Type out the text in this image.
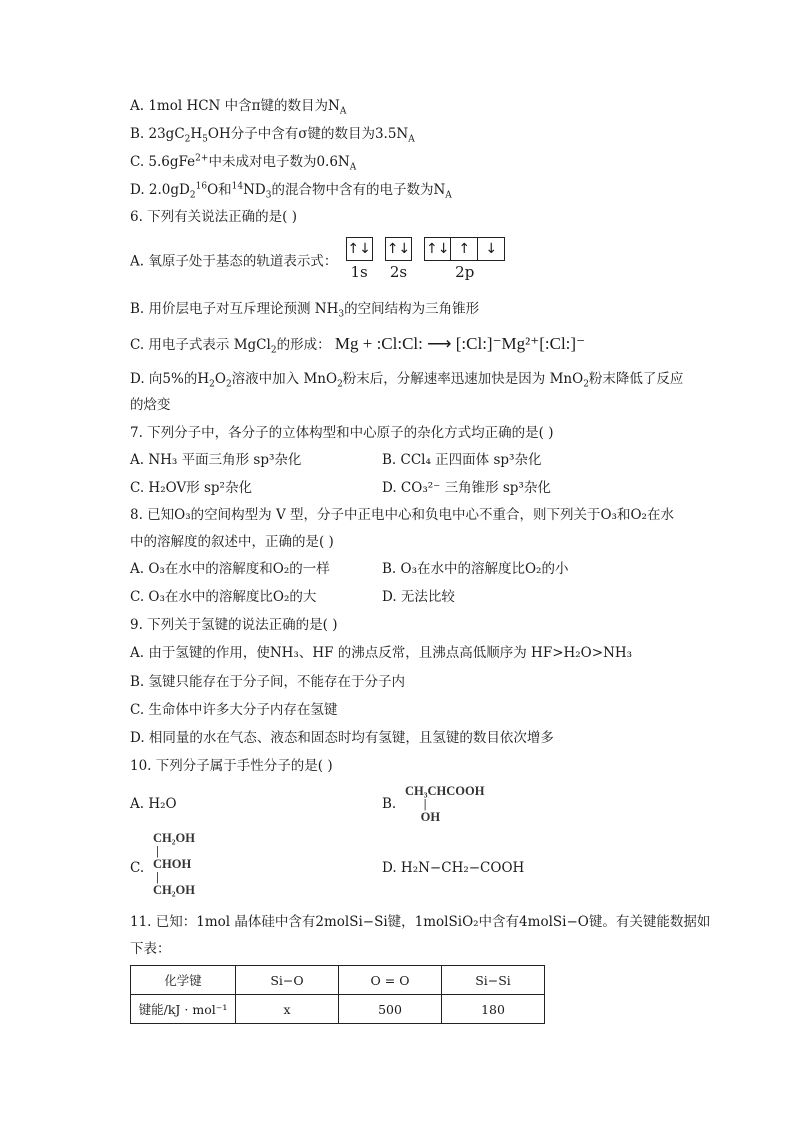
A. 1mol HCN 中含π键的数目为$N_A$
B. $23gC_2H_5OH$分子中含有σ键的数目为$3.5N_A$
C. 5.6gFe$^{2+}$中未成对电子数为$0.6N_A$
D. $2.0gD_2^{16}O$和$^{14}ND_3$的混合物中含有的电子数为$N_A$
6. 下列有关说法正确的是( )
A. 氧原子处于基态的轨道表示式：
↑↓
1s

↑↓
2s

↑↓ ↑	↓
2p
B. 用价层电子对互斥理论预测 $NH_3$的空间结构为三角锥形
C. 用电子式表示 MgCl$_2$的形成： Mg + :Cl:Cl: ⟶ [:Cl:]⁻Mg²⁺[:Cl:]⁻
D. 向5%的$H_2O_2$溶液中加入 MnO$_2$粉末后，分解速率迅速加快是因为 MnO$_2$粉末降低了反应
的焓变
7. 下列分子中，各分子的立体构型和中心原子的杂化方式均正确的是( )
A. NH₃ 平面三角形 sp³杂化	B. CCl₄ 正四面体 sp³杂化
C. H₂OV形 sp²杂化	D. CO₃²⁻ 三角锥形 sp³杂化
8. 已知O₃的空间构型为 V 型，分子中正电中心和负电中心不重合，则下列关于O₃和O₂在水
中的溶解度的叙述中，正确的是( )
A. O₃在水中的溶解度和O₂的一样	B. O₃在水中的溶解度比O₂的小
C. O₃在水中的溶解度比O₂的大	D. 无法比较
9. 下列关于氢键的说法正确的是( )
A. 由于氢键的作用，使NH₃、HF 的沸点反常，且沸点高低顺序为 HF>H₂O>NH₃
B. 氢键只能存在于分子间，不能存在于分子内
C. 生命体中许多大分子内存在氢键
D. 相同量的水在气态、液态和固态时均有氢键，且氢键的数目依次增多
10. 下列分子属于手性分子的是( )
A. H₂O	B.
CH₃CHCOOH
|
OH
C.
CH₂OH
|
CHOH
|
CH₂OH
D. H₂N−CH₂−COOH
11. 已知：1mol 晶体硅中含有2molSi−Si键，1molSiO₂中含有4molSi−O键。有关键能数据如
下表：
化学键	Si−O	O = O	Si−Si
键能/kJ · mol⁻¹	x	500	180
